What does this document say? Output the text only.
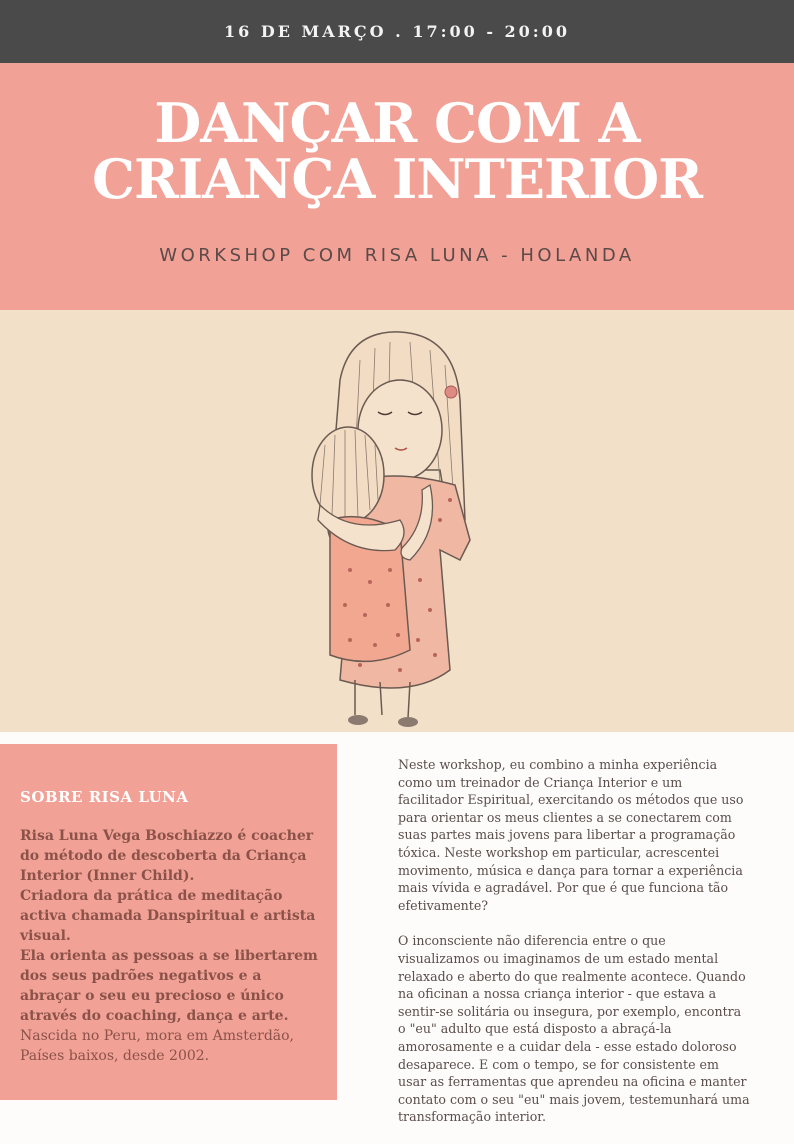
16 DE MARÇO . 17:00 - 20:00
DANÇAR COM A
CRIANÇA INTERIOR
WORKSHOP COM RISA LUNA - HOLANDA
SOBRE RISA LUNA
Risa Luna Vega Boschiazzo é coacher do método de descoberta da Criança Interior (Inner Child).
Criadora da prática de meditação activa chamada Danspiritual e artista visual.
Ela orienta as pessoas a se libertarem dos seus padrões negativos e a abraçar o seu eu precioso e único através do coaching, dança e arte.
Nascida no Peru, mora em Amsterdão, Países baixos, desde 2002.

Neste workshop, eu combino a minha experiência como um treinador de Criança Interior e um facilitador Espiritual, exercitando os métodos que uso para orientar os meus clientes a se conectarem com suas partes mais jovens para libertar a programação tóxica. Neste workshop em particular, acrescentei movimento, música e dança para tornar a experiência mais vívida e agradável. Por que é que funciona tão efetivamente?

O inconsciente não diferencia entre o que visualizamos ou imaginamos de um estado mental relaxado e aberto do que realmente acontece. Quando na oficinan a nossa criança interior - que estava a sentir-se solitária ou insegura, por exemplo, encontra o "eu" adulto que está disposto a abraçá-la amorosamente e a cuidar dela - esse estado doloroso desaparece. E com o tempo, se for consistente em usar as ferramentas que aprendeu na oficina e manter contato com o seu "eu" mais jovem, testemunhará uma transformação interior.
